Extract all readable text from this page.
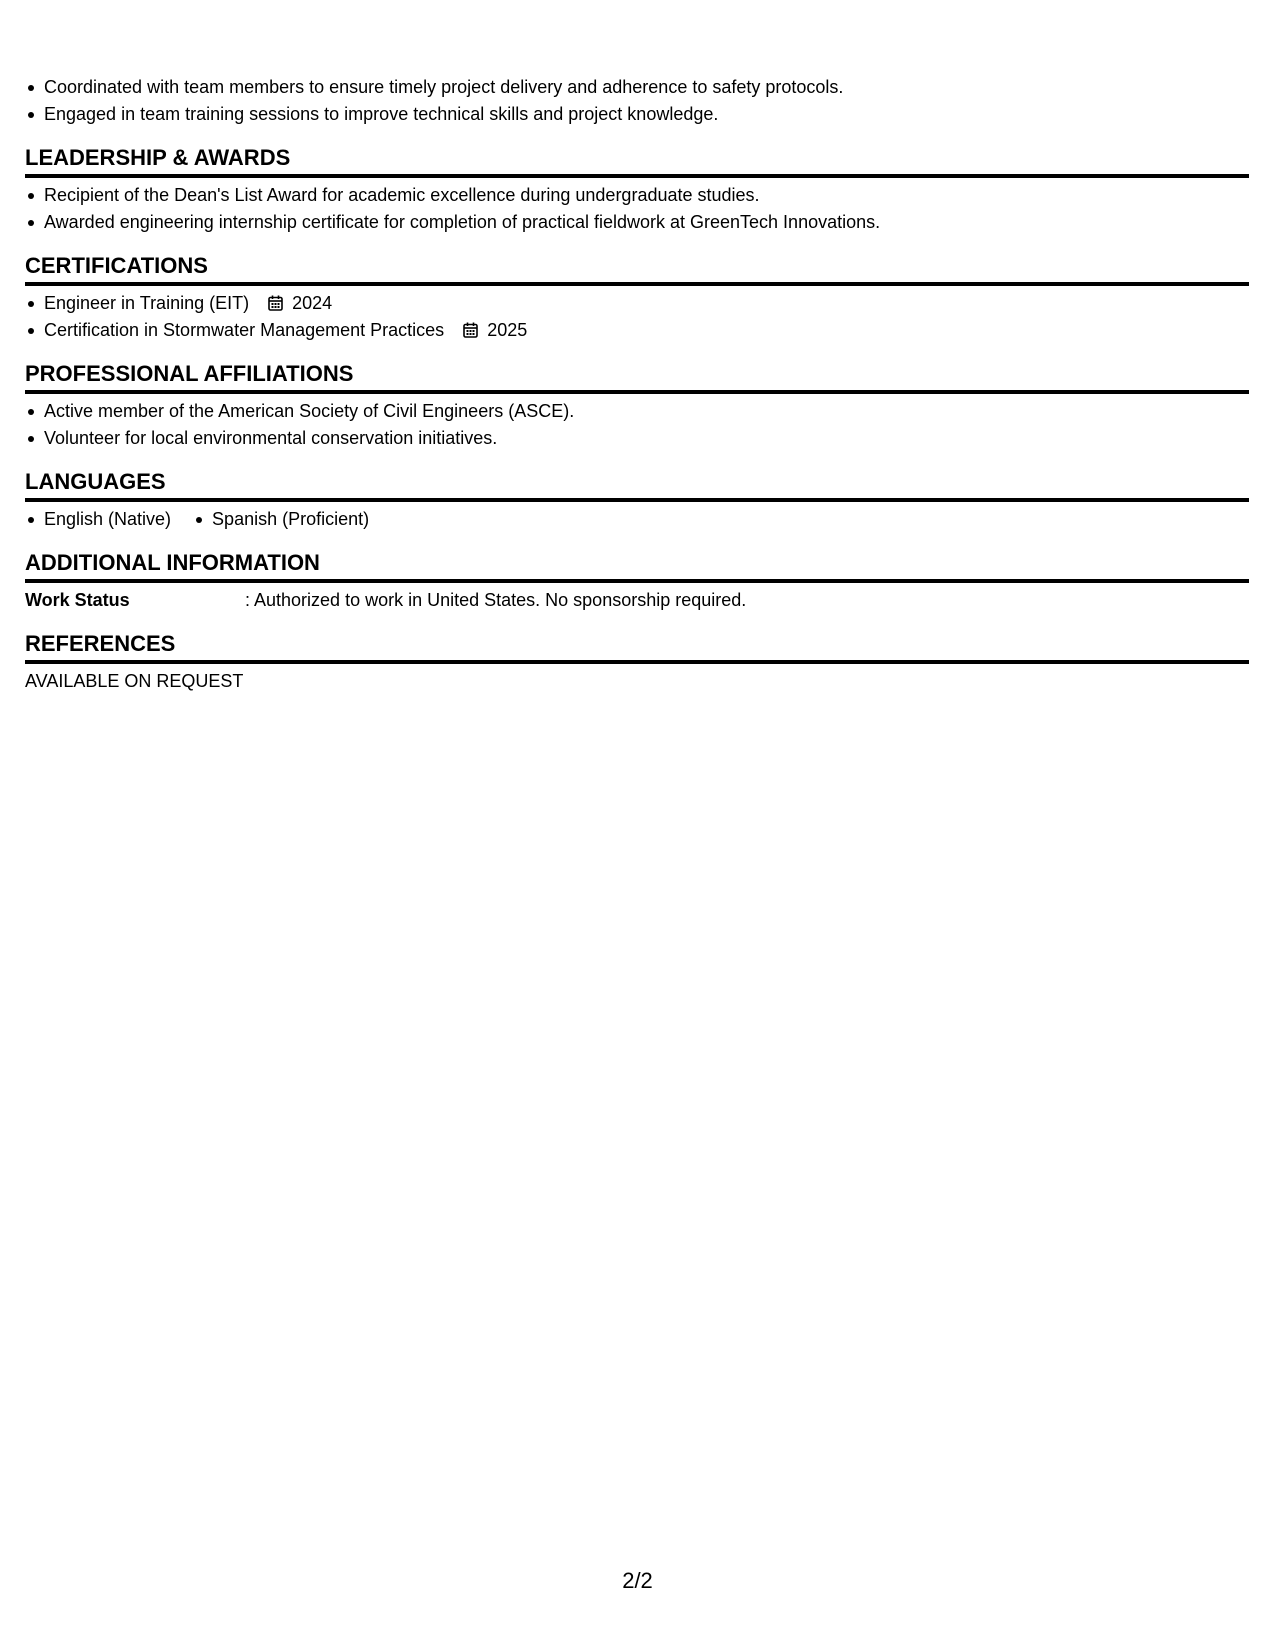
Coordinated with team members to ensure timely project delivery and adherence to safety protocols.
Engaged in team training sessions to improve technical skills and project knowledge.
LEADERSHIP & AWARDS
Recipient of the Dean's List Award for academic excellence during undergraduate studies.
Awarded engineering internship certificate for completion of practical fieldwork at GreenTech Innovations.
CERTIFICATIONS
Engineer in Training (EIT) 2024
Certification in Stormwater Management Practices 2025
PROFESSIONAL AFFILIATIONS
Active member of the American Society of Civil Engineers (ASCE).
Volunteer for local environmental conservation initiatives.
LANGUAGES
English (Native)	Spanish (Proficient)
ADDITIONAL INFORMATION
Work Status	: Authorized to work in United States. No sponsorship required.
REFERENCES
AVAILABLE ON REQUEST
2/2
